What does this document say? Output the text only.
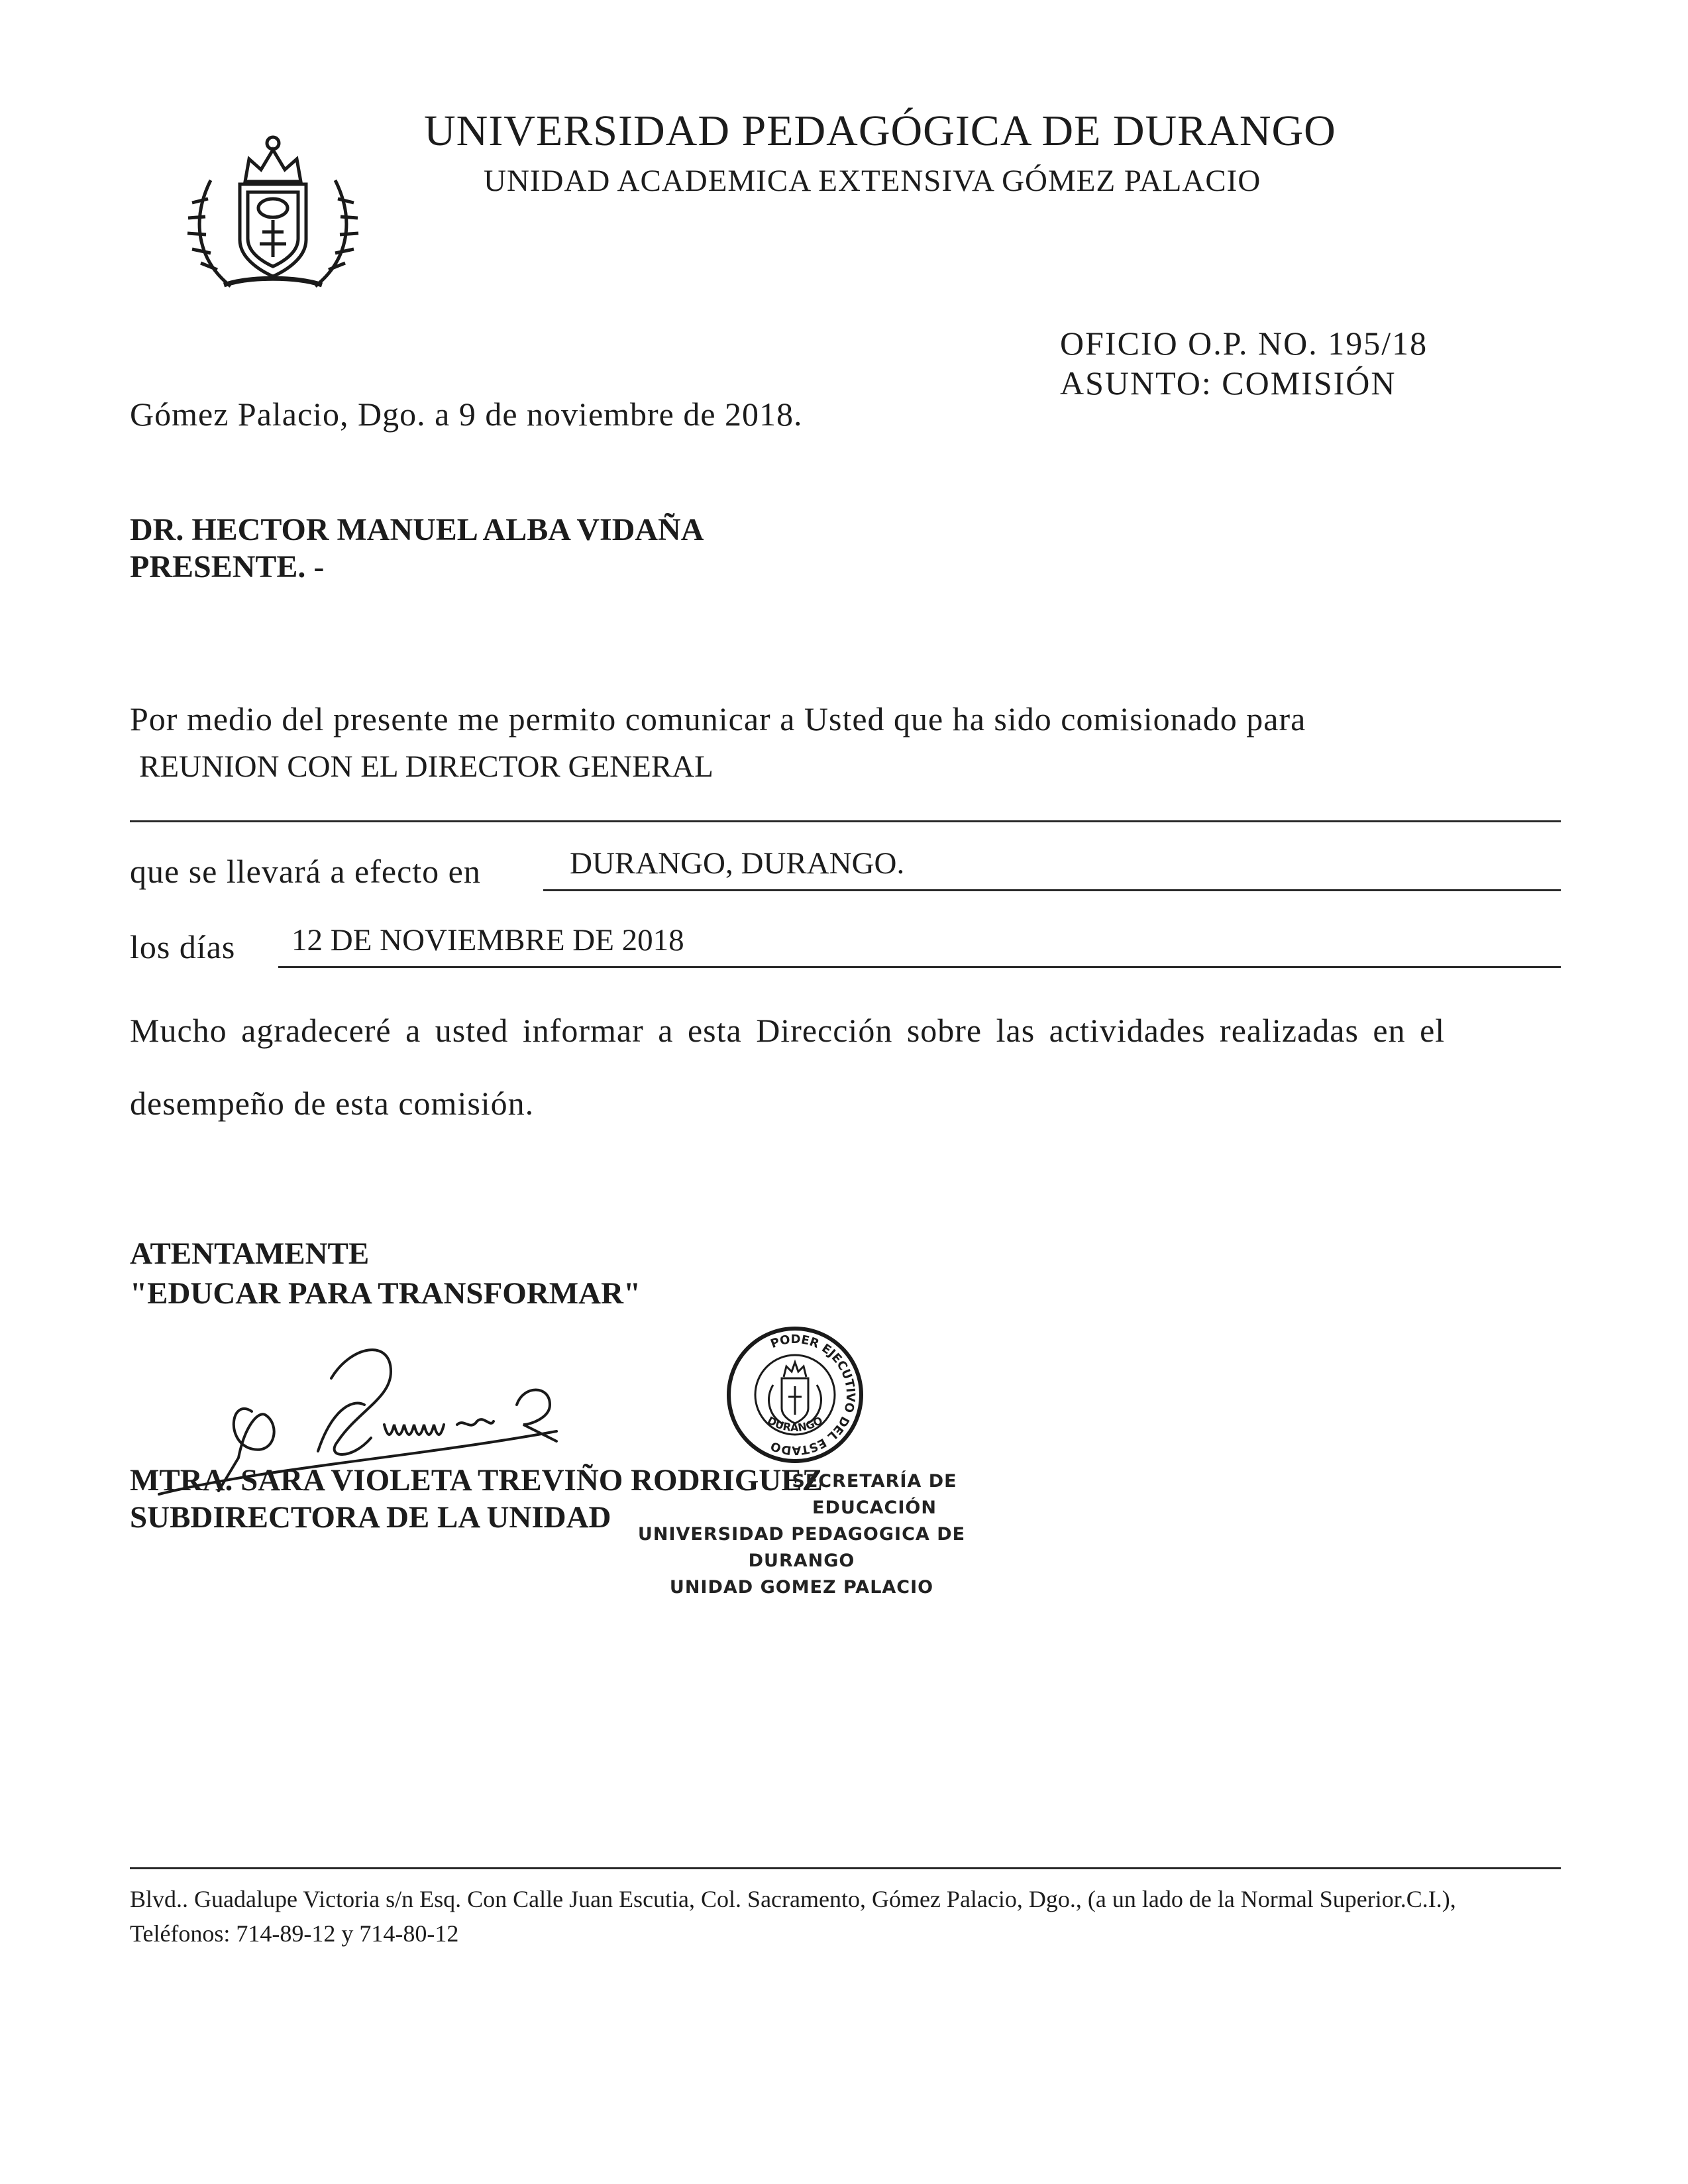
UNIVERSIDAD PEDAGÓGICA DE DURANGO
UNIDAD ACADEMICA EXTENSIVA GÓMEZ PALACIO
OFICIO O.P. NO. 195/18
ASUNTO: COMISIÓN
Gómez Palacio, Dgo. a 9 de noviembre de 2018.
DR. HECTOR MANUEL ALBA VIDAÑA
PRESENTE. -
Por medio del presente me permito comunicar a Usted que ha sido comisionado para
REUNION CON EL DIRECTOR GENERAL
que se llevará a efecto en	DURANGO, DURANGO.
los días 12 DE NOVIEMBRE DE 2018
Mucho agradeceré a usted informar a esta Dirección sobre las actividades realizadas en el
desempeño de esta comisión.
ATENTAMENTE
"EDUCAR PARA TRANSFORMAR"
PODER EJECUTIVO DEL ESTADO
DURANGO
MTRA. SARA VIOLETA TREVIÑO RODRIGUEZ
SUBDIRECTORA DE LA UNIDAD
SECRETARÍA DE EDUCACIÓN
UNIVERSIDAD PEDAGOGICA DE DURANGO
UNIDAD GOMEZ PALACIO
Blvd.. Guadalupe Victoria s/n Esq. Con Calle Juan Escutia, Col. Sacramento, Gómez Palacio, Dgo., (a un lado de la Normal Superior.C.I.), Teléfonos: 714-89-12 y 714-80-12
